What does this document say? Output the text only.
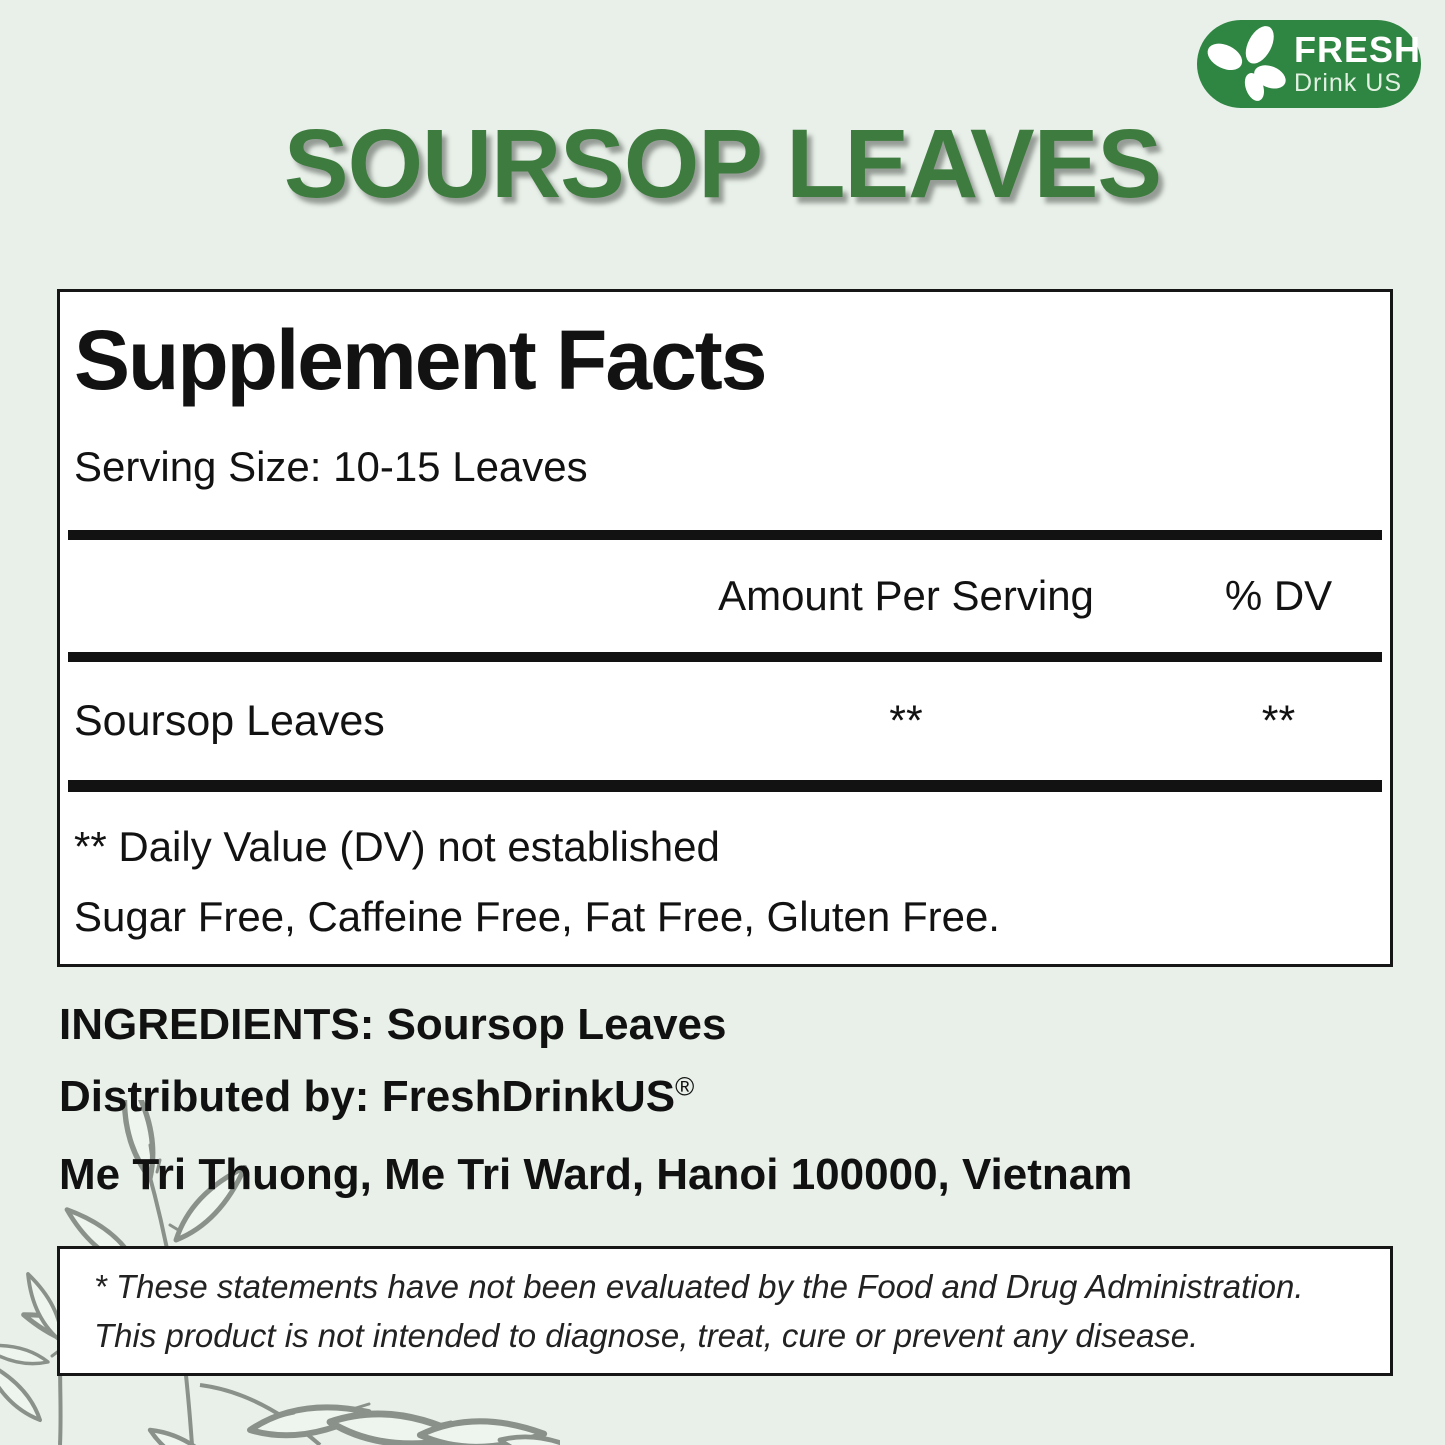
FRESH
Drink US
SOURSOP LEAVES
Supplement Facts
Serving Size: 10-15 Leaves
Amount Per Serving	% DV
Soursop Leaves	**	**
** Daily Value (DV) not established
Sugar Free, Caffeine Free, Fat Free, Gluten Free.
INGREDIENTS: Soursop Leaves
Distributed by: FreshDrinkUS®
Me Tri Thuong, Me Tri Ward, Hanoi 100000, Vietnam
* These statements have not been evaluated by the Food and Drug Administration.
This product is not intended to diagnose, treat, cure or prevent any disease.
